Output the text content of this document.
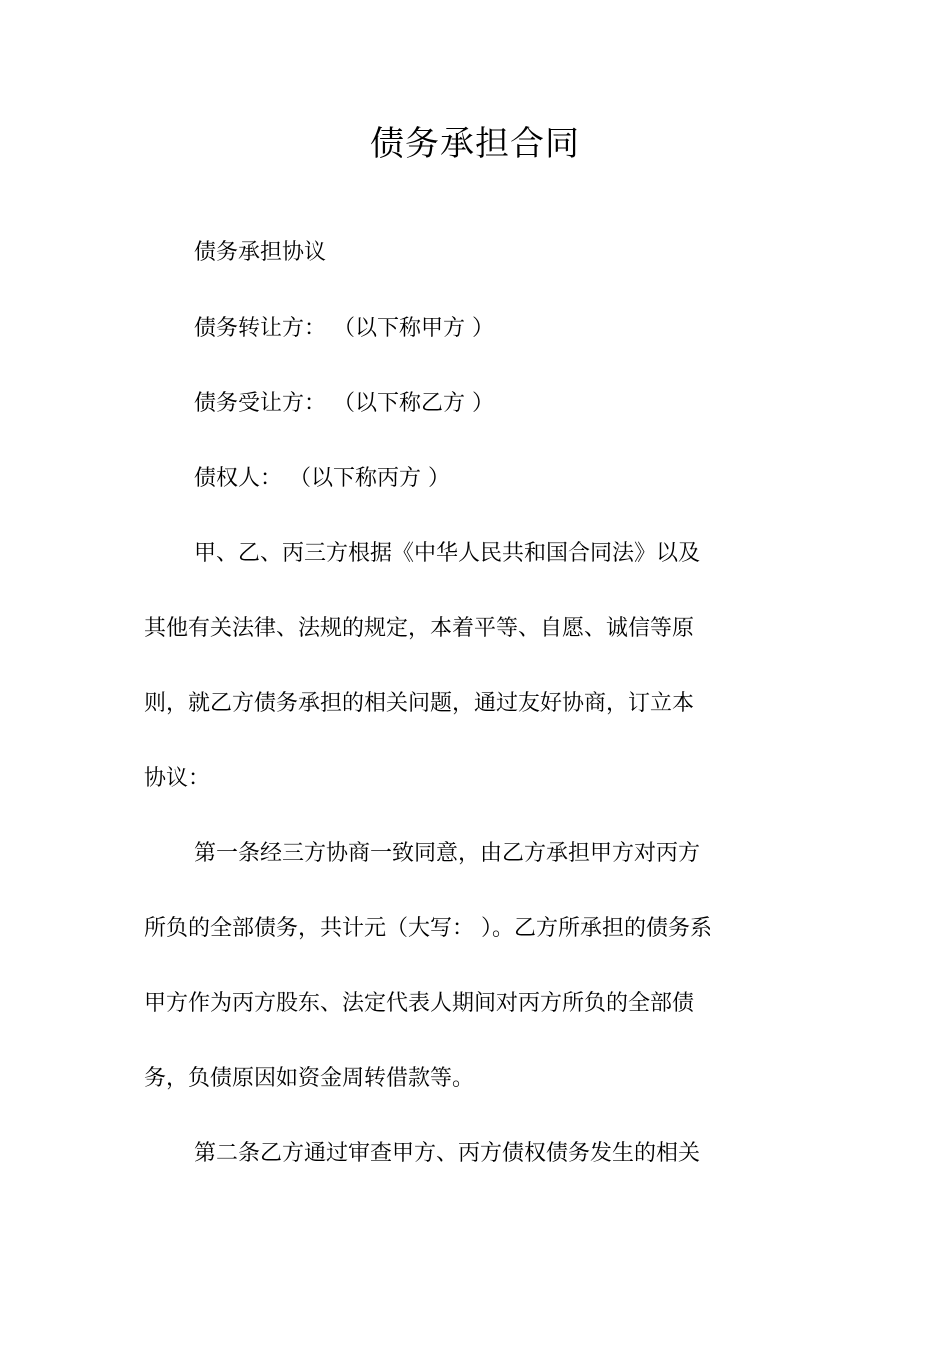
债务承担合同
债务承担协议
债务转让方： （以下称甲方 ）
债务受让方： （以下称乙方 ）
债权人： （以下称丙方 ）
甲、乙、丙三方根据《中华人民共和国合同法》以及
其他有关法律、法规的规定，本着平等、自愿、诚信等原
则，就乙方债务承担的相关问题，通过友好协商，订立本
协议：
第一条经三方协商一致同意，由乙方承担甲方对丙方
所负的全部债务，共计元（大写： ）。乙方所承担的债务系
甲方作为丙方股东、法定代表人期间对丙方所负的全部债
务，负债原因如资金周转借款等。
第二条乙方通过审查甲方、丙方债权债务发生的相关
